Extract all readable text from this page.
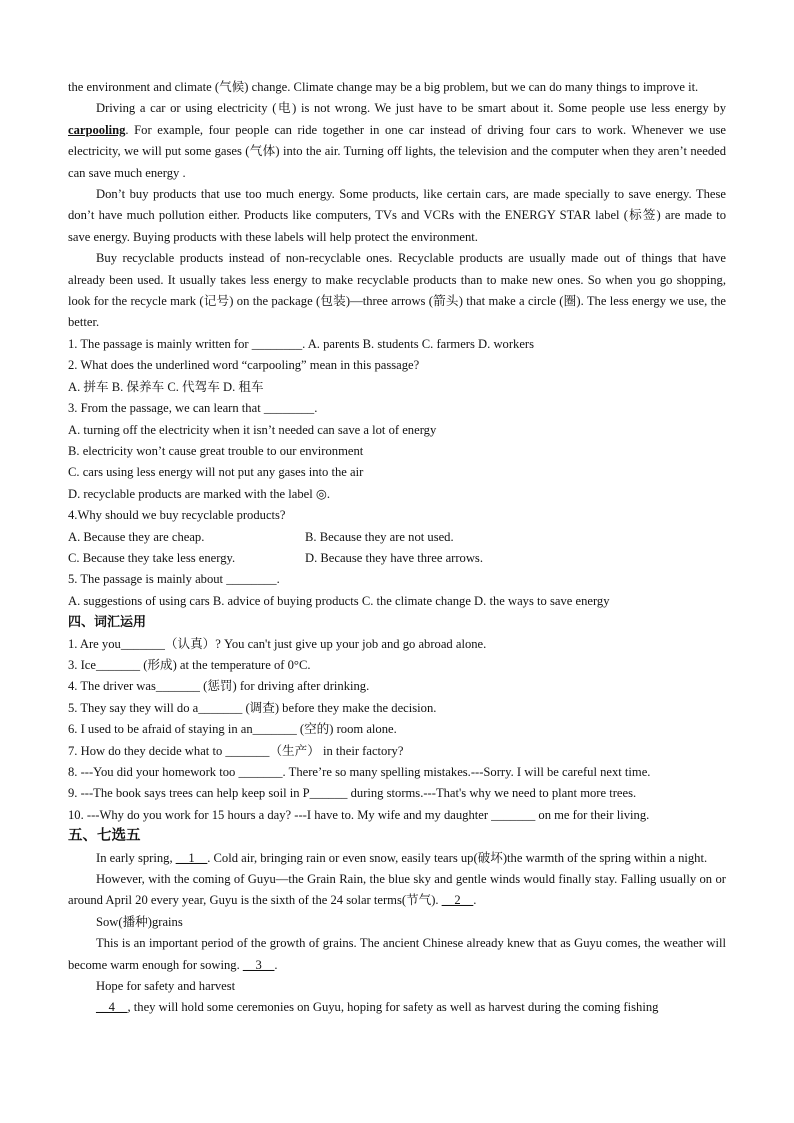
the environment and climate (气候) change. Climate change may be a big problem, but we can do many things to improve it.

Driving a car or using electricity (电) is not wrong. We just have to be smart about it. Some people use less energy by carpooling. For example, four people can ride together in one car instead of driving four cars to work. Whenever we use electricity, we will put some gases (气体) into the air. Turning off lights, the television and the computer when they aren’t needed can save much energy .

Don’t buy products that use too much energy. Some products, like certain cars, are made specially to save energy. These don’t have much pollution either. Products like computers, TVs and VCRs with the ENERGY STAR label (标签) are made to save energy. Buying products with these labels will help protect the environment.

Buy recyclable products instead of non-recyclable ones. Recyclable products are usually made out of things that have already been used. It usually takes less energy to make recyclable products than to make new ones. So when you go shopping, look for the recycle mark (记号) on the package (包装)—three arrows (箭头) that make a circle (圈). The less energy we use, the better.

1. The passage is mainly written for ________. A. parents B. students C. farmers D. workers

2. What does the underlined word “carpooling” mean in this passage?

A. 拼车 B. 保养车 C. 代驾车 D. 租车

3. From the passage, we can learn that ________.

A. turning off the electricity when it isn’t needed can save a lot of energy

B. electricity won’t cause great trouble to our environment

C. cars using less energy will not put any gases into the air

D. recyclable products are marked with the label ◎.

4.Why should we buy recyclable products?

A. Because they are cheap.	B. Because they are not used.
C. Because they take less energy.	D. Because they have three arrows.

5. The passage is mainly about ________.

A. suggestions of using cars B. advice of buying products C. the climate change D. the ways to save energy

四、词汇运用

1. Are you_______（认真）? You can't just give up your job and go abroad alone.

3. Ice_______ (形成) at the temperature of 0°C.

4. The driver was_______ (惩罚) for driving after drinking.

5. They say they will do a_______ (调查) before they make the decision.

6. I used to be afraid of staying in an_______ (空的) room alone.

7. How do they decide what to _______（生产） in their factory?

8. ---You did your homework too _______. There’re so many spelling mistakes.---Sorry. I will be careful next time.

9. ---The book says trees can help keep soil in P______ during storms.---That's why we need to plant more trees.

10. ---Why do you work for 15 hours a day? ---I have to. My wife and my daughter _______ on me for their living.

五、七选五

In early spring, __1__. Cold air, bringing rain or even snow, easily tears up(破坏)the warmth of the spring within a night.

However, with the coming of Guyu—the Grain Rain, the blue sky and gentle winds would finally stay. Falling usually on or around April 20 every year, Guyu is the sixth of the 24 solar terms(节气). __2__.

Sow(播种)grains

This is an important period of the growth of grains. The ancient Chinese already knew that as Guyu comes, the weather will become warm enough for sowing. __3__.

Hope for safety and harvest

__4__, they will hold some ceremonies on Guyu, hoping for safety as well as harvest during the coming fishing
